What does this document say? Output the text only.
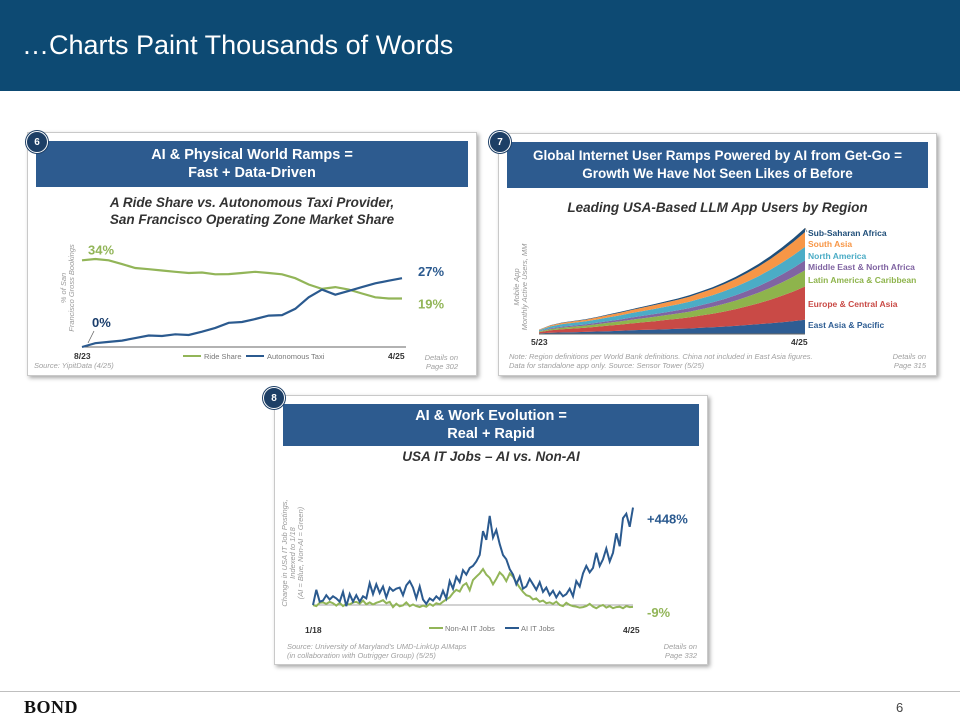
…Charts Paint Thousands of Words
AI & Physical World Ramps =
Fast + Data-Driven
A Ride Share vs. Autonomous Taxi Provider,
San Francisco Operating Zone Market Share
% of SanFrancisco Gross Bookings	19%
34%
27%
0%
8/23	4/25
Ride Share	Autonomous Taxi
Source: YipitData (4/25)
Details on
Page 302
6
Global Internet User Ramps Powered by AI from Get-Go =
Growth We Have Not Seen Likes of Before
Leading USA-Based LLM App Users by Region
Mobile AppMonthly Active Users, MM
5/23	4/25
East Asia & Pacific
Europe & Central Asia
Latin America & Caribbean
Middle East & North Africa
North America
South Asia
Sub-Saharan Africa
Note: Region definitions per World Bank definitions. China not included in East Asia figures.
Data for standalone app only. Source: Sensor Tower (5/25)
Details on
Page 315
7
AI & Work Evolution =
Real + Rapid
USA IT Jobs – AI vs. Non-AI
Change in USA IT Job Postings,Indexed to 1/18(AI = Blue, Non-AI = Green)
-9%
+448%
1/18	4/25
Non-AI IT Jobs	AI IT Jobs
Source: University of Maryland's UMD-LinkUp AIMaps
(in collaboration with Outrigger Group) (5/25)
Details on
Page 332
8
BOND	6
